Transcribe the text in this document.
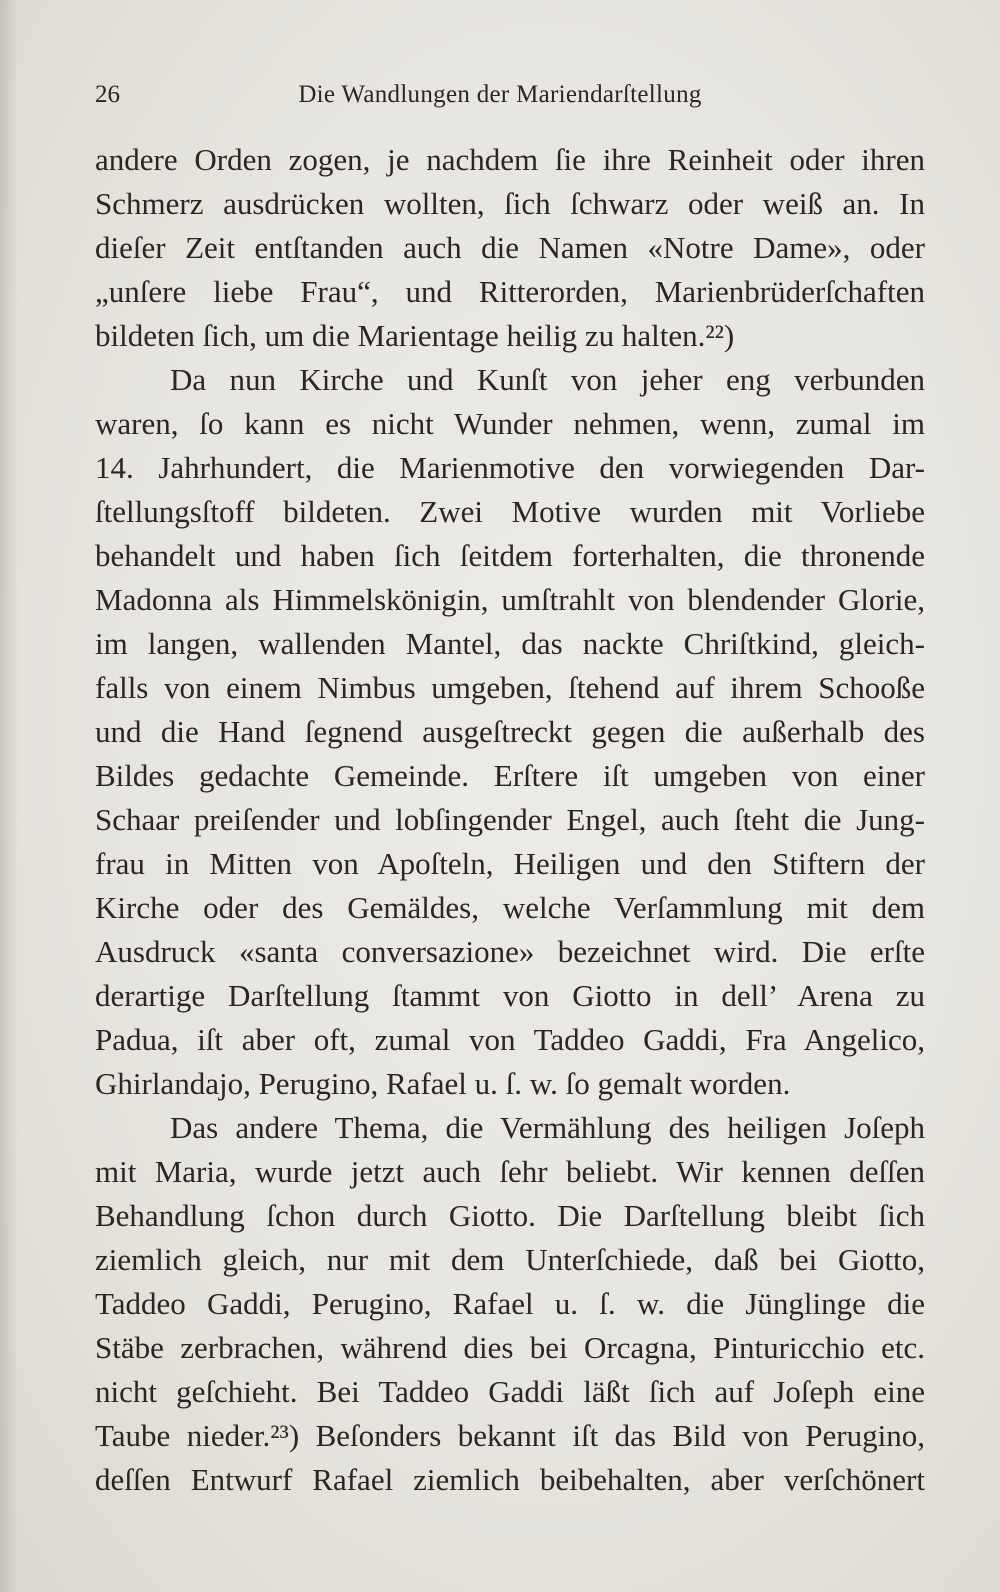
26	Die Wandlungen der Mariendarſtellung
andere Orden zogen, je nachdem ſie ihre Reinheit oder ihren
Schmerz ausdrücken wollten, ſich ſchwarz oder weiß an. In
dieſer Zeit entſtanden auch die Namen «Notre Dame», oder
„unſere liebe Frau“, und Ritterorden, Marienbrüderſchaften
bildeten ſich, um die Marientage heilig zu halten.²²)
Da nun Kirche und Kunſt von jeher eng verbunden
waren, ſo kann es nicht Wunder nehmen, wenn, zumal im
14. Jahrhundert, die Marienmotive den vorwiegenden Dar-
ſtellungsſtoff bildeten. Zwei Motive wurden mit Vorliebe
behandelt und haben ſich ſeitdem forterhalten, die thronende
Madonna als Himmelskönigin, umſtrahlt von blendender Glorie,
im langen, wallenden Mantel, das nackte Chriſtkind, gleich-
falls von einem Nimbus umgeben, ſtehend auf ihrem Schooße
und die Hand ſegnend ausgeſtreckt gegen die außerhalb des
Bildes gedachte Gemeinde. Erſtere iſt umgeben von einer
Schaar preiſender und lobſingender Engel, auch ſteht die Jung-
frau in Mitten von Apoſteln, Heiligen und den Stiftern der
Kirche oder des Gemäldes, welche Verſammlung mit dem
Ausdruck «santa conversazione» bezeichnet wird. Die erſte
derartige Darſtellung ſtammt von Giotto in dell’ Arena zu
Padua, iſt aber oft, zumal von Taddeo Gaddi, Fra Angelico,
Ghirlandajo, Perugino, Rafael u. ſ. w. ſo gemalt worden.
Das andere Thema, die Vermählung des heiligen Joſeph
mit Maria, wurde jetzt auch ſehr beliebt. Wir kennen deſſen
Behandlung ſchon durch Giotto. Die Darſtellung bleibt ſich
ziemlich gleich, nur mit dem Unterſchiede, daß bei Giotto,
Taddeo Gaddi, Perugino, Rafael u. ſ. w. die Jünglinge die
Stäbe zerbrachen, während dies bei Orcagna, Pinturicchio etc.
nicht geſchieht. Bei Taddeo Gaddi läßt ſich auf Joſeph eine
Taube nieder.²³) Beſonders bekannt iſt das Bild von Perugino,
deſſen Entwurf Rafael ziemlich beibehalten, aber verſchönert
